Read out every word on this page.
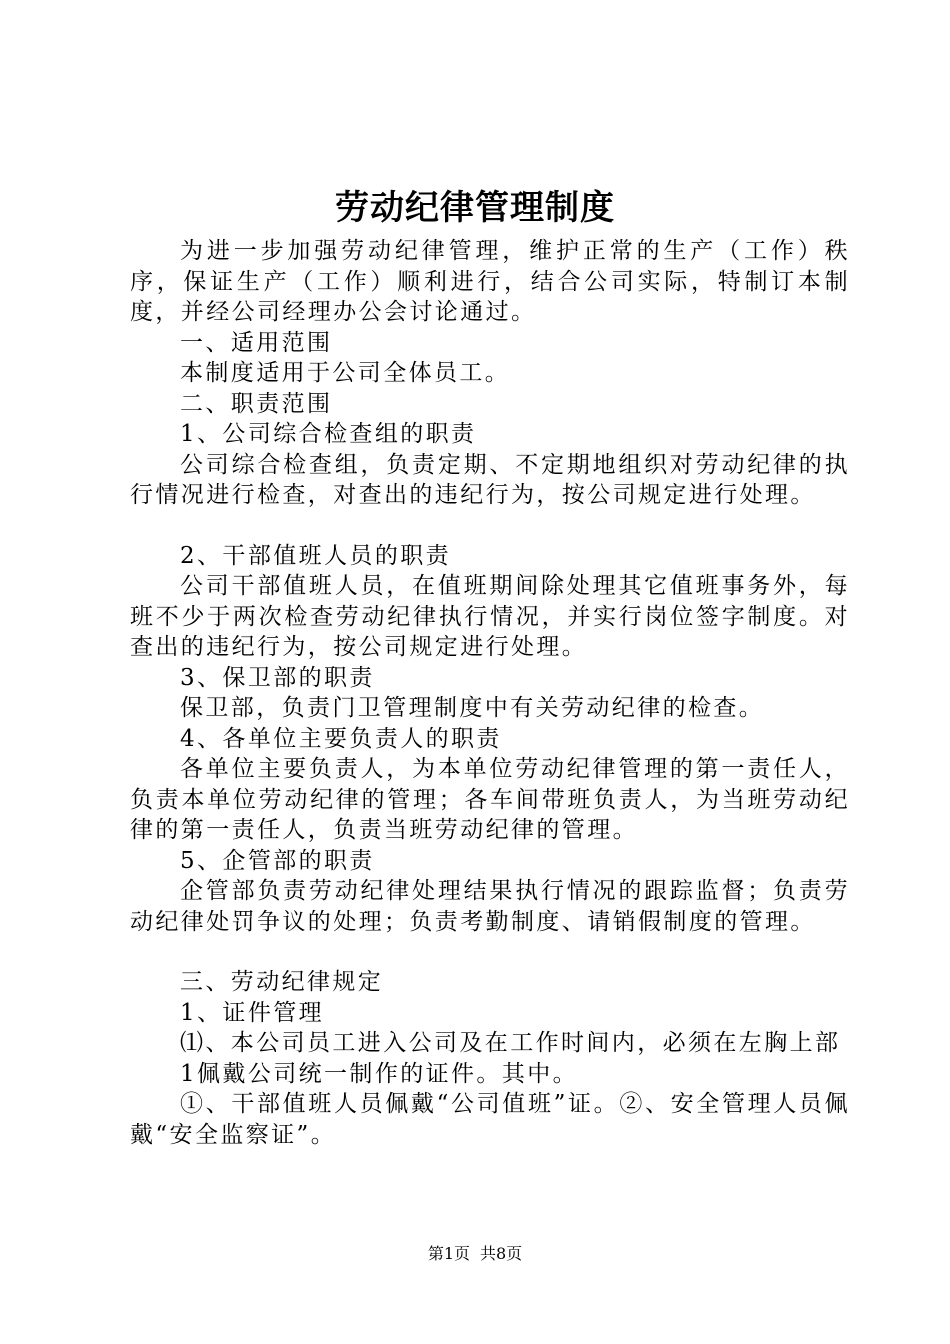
劳动纪律管理制度

为进一步加强劳动纪律管理，维护正常的生产（工作）秩序，保证生产（工作）顺利进行，结合公司实际，特制订本制度，并经公司经理办公会讨论通过。

一、适用范围

本制度适用于公司全体员工。

二、职责范围

1、公司综合检查组的职责

公司综合检查组，负责定期、不定期地组织对劳动纪律的执行情况进行检查，对查出的违纪行为，按公司规定进行处理。

2、干部值班人员的职责

公司干部值班人员，在值班期间除处理其它值班事务外，每班不少于两次检查劳动纪律执行情况，并实行岗位签字制度。对查出的违纪行为，按公司规定进行处理。

3、保卫部的职责

保卫部，负责门卫管理制度中有关劳动纪律的检查。

4、各单位主要负责人的职责

各单位主要负责人，为本单位劳动纪律管理的第一责任人，负责本单位劳动纪律的管理；各车间带班负责人，为当班劳动纪律的第一责任人，负责当班劳动纪律的管理。

5、企管部的职责

企管部负责劳动纪律处理结果执行情况的跟踪监督；负责劳动纪律处罚争议的处理；负责考勤制度、请销假制度的管理。

三、劳动纪律规定

1、证件管理

⑴、本公司员工进入公司及在工作时间内，必须在左胸上部

1佩戴公司统一制作的证件。其中。

①、干部值班人员佩戴“公司值班”证。②、安全管理人员佩戴“安全监察证”。

第1页 共8页
